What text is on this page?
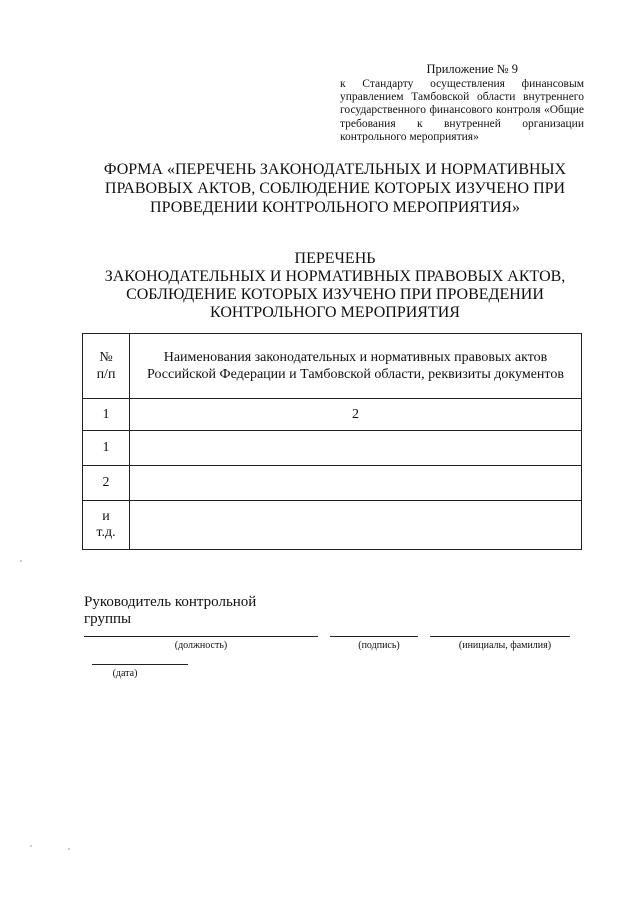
Приложение № 9
к Стандарту осуществления финансовым управлением Тамбовской области внутреннего государственного финансового контроля «Общие требования к внутренней организации контрольного мероприятия»
ФОРМА «ПЕРЕЧЕНЬ ЗАКОНОДАТЕЛЬНЫХ И НОРМАТИВНЫХ
ПРАВОВЫХ АКТОВ, СОБЛЮДЕНИЕ КОТОРЫХ ИЗУЧЕНО ПРИ
ПРОВЕДЕНИИ КОНТРОЛЬНОГО МЕРОПРИЯТИЯ»
ПЕРЕЧЕНЬ
ЗАКОНОДАТЕЛЬНЫХ И НОРМАТИВНЫХ ПРАВОВЫХ АКТОВ,
СОБЛЮДЕНИЕ КОТОРЫХ ИЗУЧЕНО ПРИ ПРОВЕДЕНИИ
КОНТРОЛЬНОГО МЕРОПРИЯТИЯ
№
п/п	Наименования законодательных и нормативных правовых актов Российской Федерации и Тамбовской области, реквизиты документов
1	2
1	
2	

и
т.д.	

Руководитель контрольной группы
(должность)	(подпись)	(инициалы, фамилия)
(дата)
